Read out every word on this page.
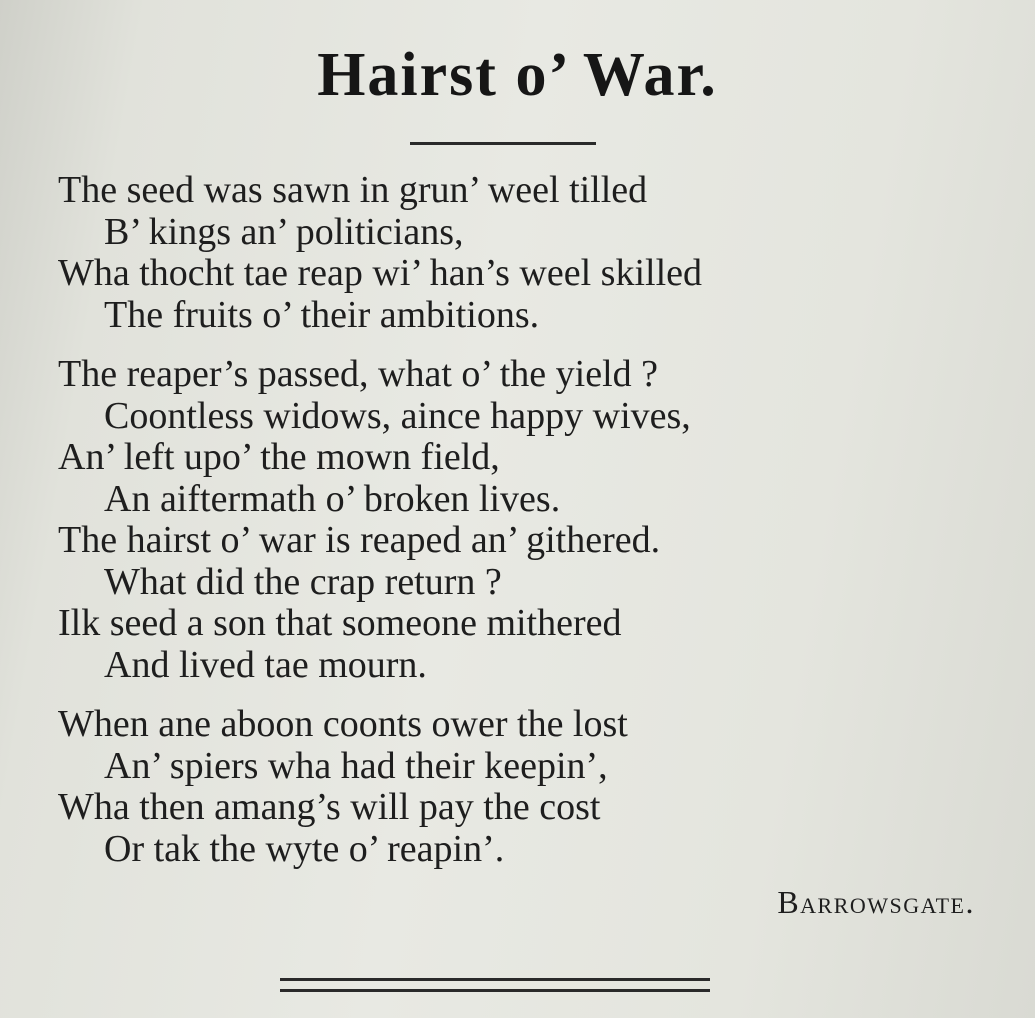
Hairst o’ War.
The seed was sawn in grun’ weel tilled
B’ kings an’ politicians,
Wha thocht tae reap wi’ han’s weel skilled
The fruits o’ their ambitions.
The reaper’s passed, what o’ the yield ?
Coontless widows, aince happy wives,
An’ left upo’ the mown field,
An aiftermath o’ broken lives.
The hairst o’ war is reaped an’ githered.
What did the crap return ?
Ilk seed a son that someone mithered
And lived tae mourn.
When ane aboon coonts ower the lost
An’ spiers wha had their keepin’,
Wha then amang’s will pay the cost
Or tak the wyte o’ reapin’.
Barrowsgate.
